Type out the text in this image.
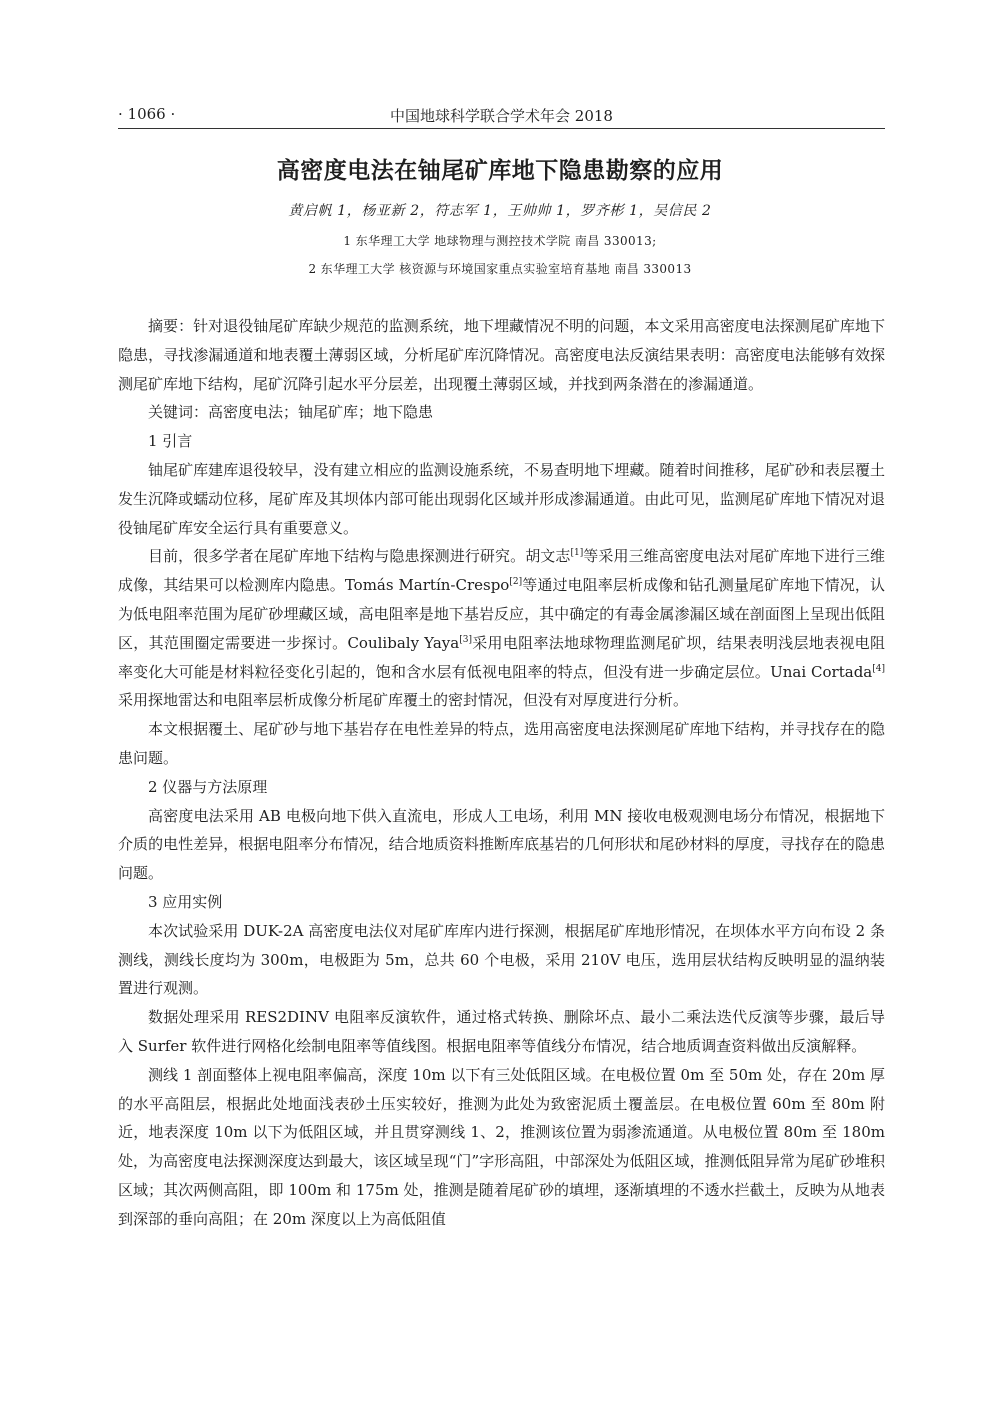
· 1066 ·	中国地球科学联合学术年会 2018
高密度电法在铀尾矿库地下隐患勘察的应用
黄启帆 1，杨亚新 2，符志军 1，王帅帅 1，罗齐彬 1，吴信民 2
1 东华理工大学 地球物理与测控技术学院 南昌 330013;
2 东华理工大学 核资源与环境国家重点实验室培育基地 南昌 330013

摘要：针对退役铀尾矿库缺少规范的监测系统，地下埋藏情况不明的问题，本文采用高密度电法探测尾矿库地下隐患，寻找渗漏通道和地表覆土薄弱区域，分析尾矿库沉降情况。高密度电法反演结果表明：高密度电法能够有效探测尾矿库地下结构，尾矿沉降引起水平分层差，出现覆土薄弱区域，并找到两条潜在的渗漏通道。

关键词：高密度电法；铀尾矿库；地下隐患

1 引言

铀尾矿库建库退役较早，没有建立相应的监测设施系统，不易查明地下埋藏。随着时间推移，尾矿砂和表层覆土发生沉降或蠕动位移，尾矿库及其坝体内部可能出现弱化区域并形成渗漏通道。由此可见，监测尾矿库地下情况对退役铀尾矿库安全运行具有重要意义。

目前，很多学者在尾矿库地下结构与隐患探测进行研究。胡文志[1]等采用三维高密度电法对尾矿库地下进行三维成像，其结果可以检测库内隐患。Tomás Martín-Crespo[2]等通过电阻率层析成像和钻孔测量尾矿库地下情况，认为低电阻率范围为尾矿砂埋藏区域，高电阻率是地下基岩反应，其中确定的有毒金属渗漏区域在剖面图上呈现出低阻区，其范围圈定需要进一步探讨。Coulibaly Yaya[3]采用电阻率法地球物理监测尾矿坝，结果表明浅层地表视电阻率变化大可能是材料粒径变化引起的，饱和含水层有低视电阻率的特点，但没有进一步确定层位。Unai Cortada[4]采用探地雷达和电阻率层析成像分析尾矿库覆土的密封情况，但没有对厚度进行分析。

本文根据覆土、尾矿砂与地下基岩存在电性差异的特点，选用高密度电法探测尾矿库地下结构，并寻找存在的隐患问题。

2 仪器与方法原理

高密度电法采用 AB 电极向地下供入直流电，形成人工电场，利用 MN 接收电极观测电场分布情况，根据地下介质的电性差异，根据电阻率分布情况，结合地质资料推断库底基岩的几何形状和尾砂材料的厚度，寻找存在的隐患问题。

3 应用实例

本次试验采用 DUK-2A 高密度电法仪对尾矿库库内进行探测，根据尾矿库地形情况，在坝体水平方向布设 2 条测线，测线长度均为 300m，电极距为 5m，总共 60 个电极，采用 210V 电压，选用层状结构反映明显的温纳装置进行观测。

数据处理采用 RES2DINV 电阻率反演软件，通过格式转换、删除坏点、最小二乘法迭代反演等步骤，最后导入 Surfer 软件进行网格化绘制电阻率等值线图。根据电阻率等值线分布情况，结合地质调查资料做出反演解释。

测线 1 剖面整体上视电阻率偏高，深度 10m 以下有三处低阻区域。在电极位置 0m 至 50m 处，存在 20m 厚的水平高阻层，根据此处地面浅表砂土压实较好，推测为此处为致密泥质土覆盖层。在电极位置 60m 至 80m 附近，地表深度 10m 以下为低阻区域，并且贯穿测线 1、2，推测该位置为弱渗流通道。从电极位置 80m 至 180m 处，为高密度电法探测深度达到最大，该区域呈现“门”字形高阻，中部深处为低阻区域，推测低阻异常为尾矿砂堆积区域；其次两侧高阻，即 100m 和 175m 处，推测是随着尾矿砂的填埋，逐渐填埋的不透水拦截土，反映为从地表到深部的垂向高阻；在 20m 深度以上为高低阻值
